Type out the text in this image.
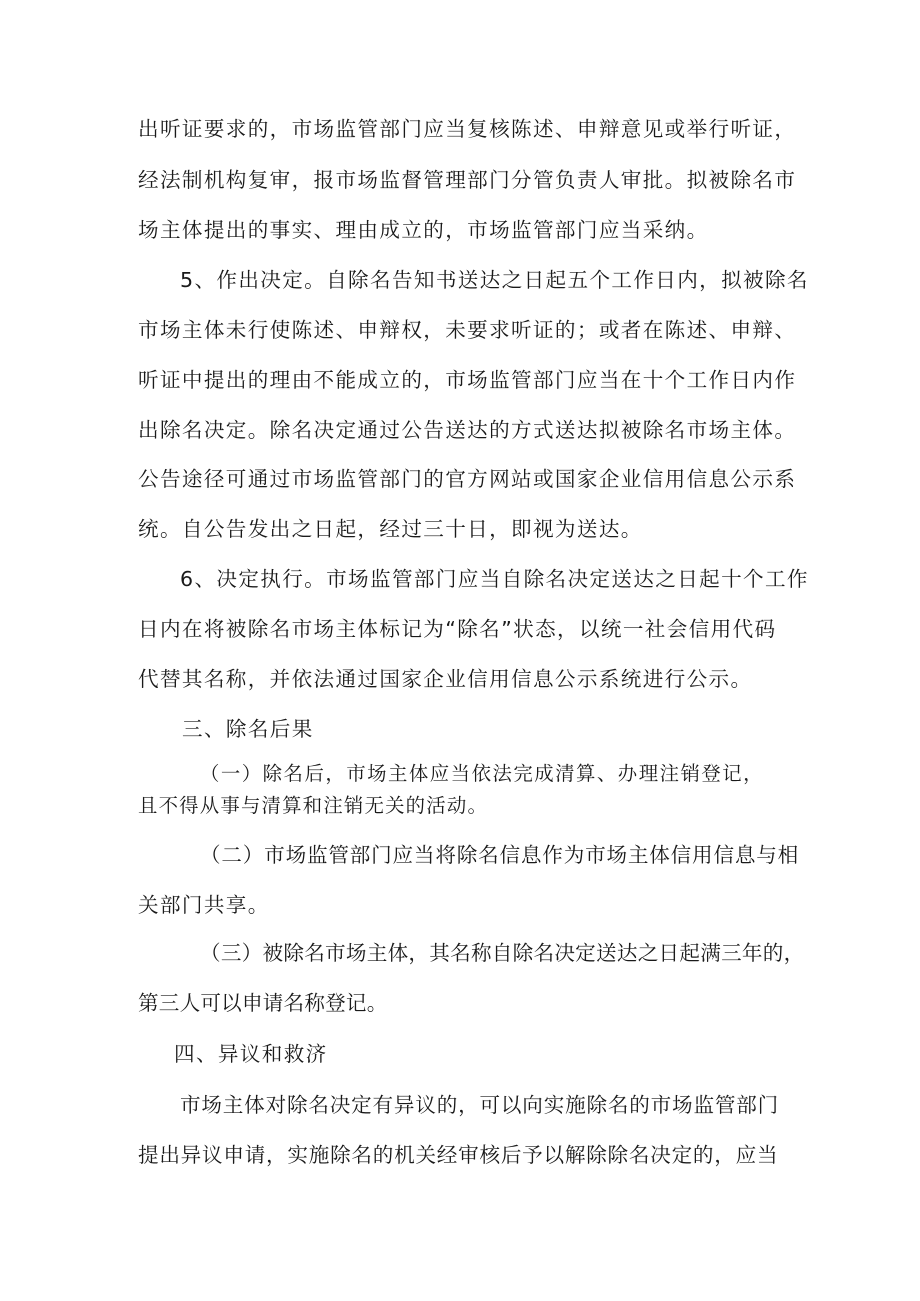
出听证要求的，市场监管部门应当复核陈述、申辩意见或举行听证，
经法制机构复审，报市场监督管理部门分管负责人审批。拟被除名市
场主体提出的事实、理由成立的，市场监管部门应当采纳。
5、作出决定。自除名告知书送达之日起五个工作日内，拟被除名
市场主体未行使陈述、申辩权，未要求听证的；或者在陈述、申辩、
听证中提出的理由不能成立的，市场监管部门应当在十个工作日内作
出除名决定。除名决定通过公告送达的方式送达拟被除名市场主体。
公告途径可通过市场监管部门的官方网站或国家企业信用信息公示系
统。自公告发出之日起，经过三十日，即视为送达。
6、决定执行。市场监管部门应当自除名决定送达之日起十个工作
日内在将被除名市场主体标记为“除名”状态，以统一社会信用代码
代替其名称，并依法通过国家企业信用信息公示系统进行公示。
三、除名后果
（一）除名后，市场主体应当依法完成清算、办理注销登记，
且不得从事与清算和注销无关的活动。
（二）市场监管部门应当将除名信息作为市场主体信用信息与相
关部门共享。
（三）被除名市场主体，其名称自除名决定送达之日起满三年的，
第三人可以申请名称登记。
四、异议和救济
市场主体对除名决定有异议的，可以向实施除名的市场监管部门
提出异议申请，实施除名的机关经审核后予以解除除名决定的，应当
